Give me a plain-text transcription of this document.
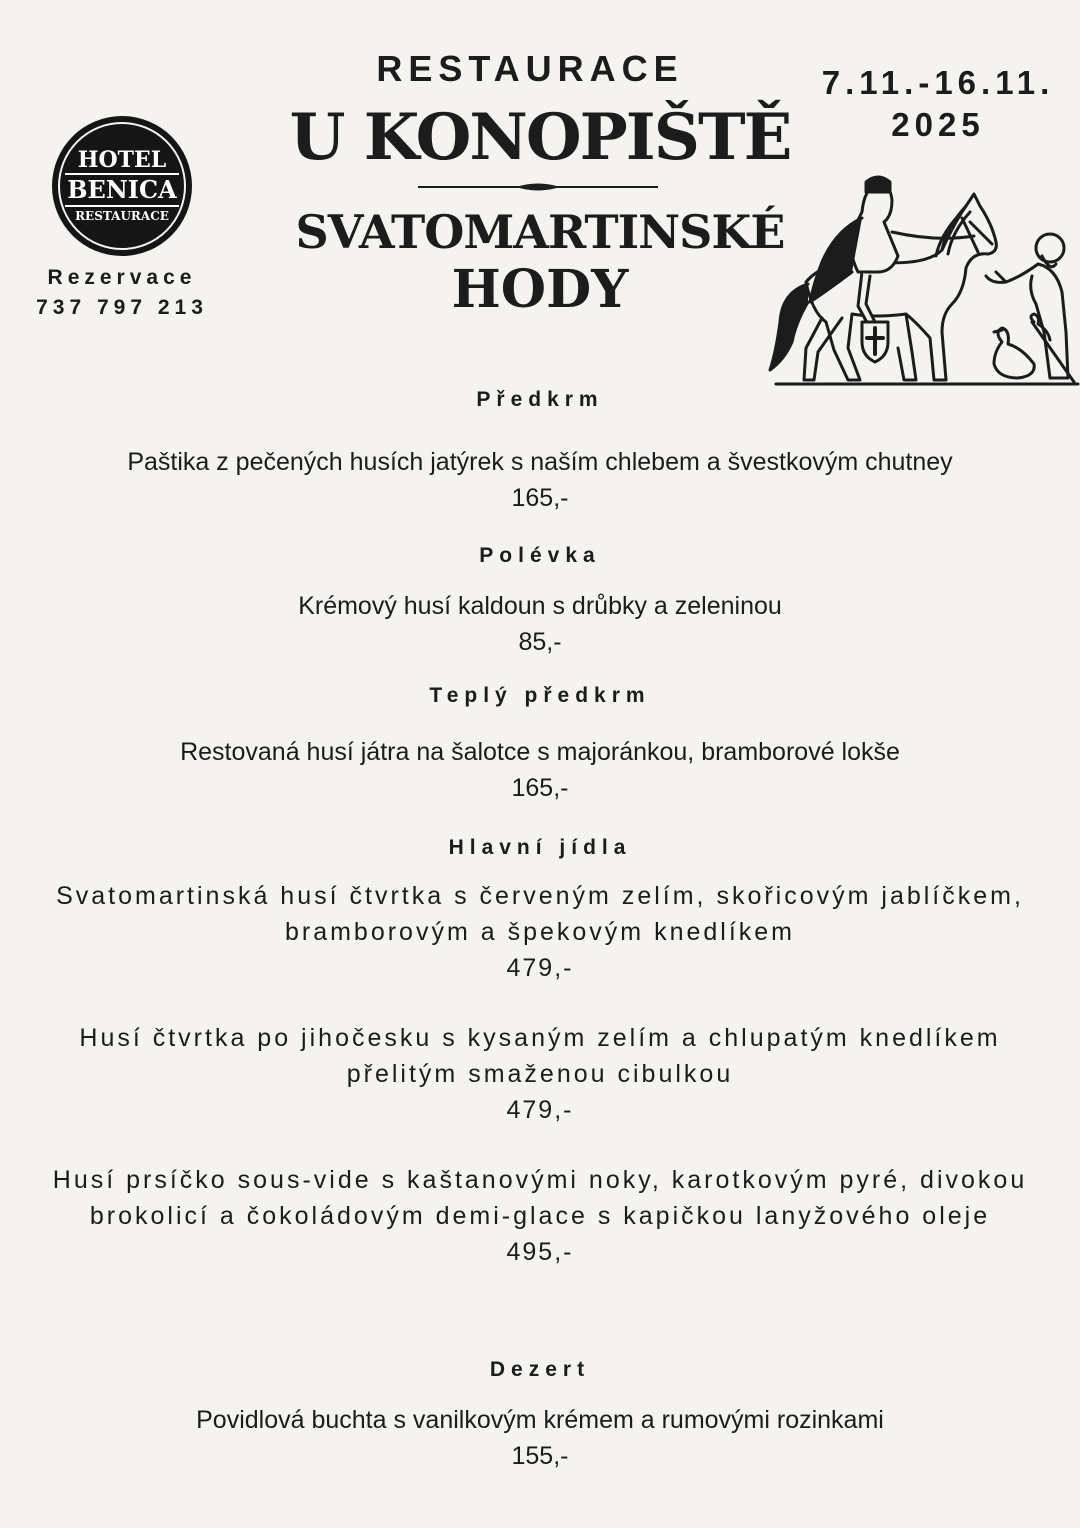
HOTEL
BENICA
RESTAURACE
Rezervace
737 797 213
RESTAURACE
U KONOPIŠTĚ
SVATOMARTINSKÉ
HODY
7.11.-16.11.
2025
Předkrm
Paštika z pečených husích jatýrek s naším chlebem a švestkovým chutney
165,-
Polévka
Krémový husí kaldoun s drůbky a zeleninou
85,-
Teplý předkrm
Restovaná husí játra na šalotce s majoránkou, bramborové lokše
165,-
Hlavní jídla
Svatomartinská husí čtvrtka s červeným zelím, skořicovým jablíčkem,
bramborovým a špekovým knedlíkem
479,-
Husí čtvrtka po jihočesku s kysaným zelím a chlupatým knedlíkem
přelitým smaženou cibulkou
479,-
Husí prsíčko sous-vide s kaštanovými noky, karotkovým pyré, divokou
brokolicí a čokoládovým demi-glace s kapičkou lanyžového oleje
495,-
Dezert
Povidlová buchta s vanilkovým krémem a rumovými rozinkami
155,-
